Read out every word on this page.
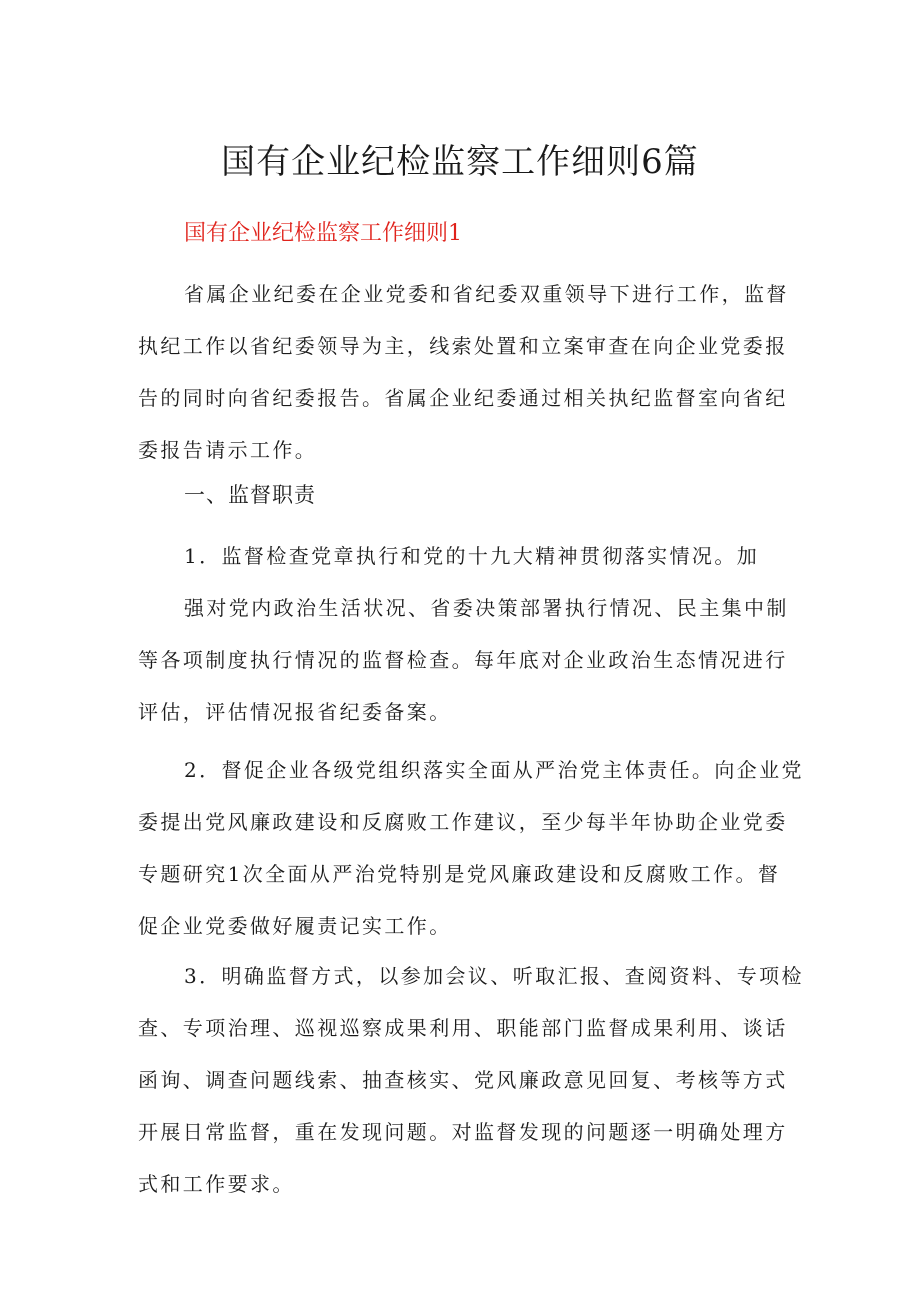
国有企业纪检监察工作细则6篇
国有企业纪检监察工作细则1
省属企业纪委在企业党委和省纪委双重领导下进行工作，监督
执纪工作以省纪委领导为主，线索处置和立案审查在向企业党委报
告的同时向省纪委报告。省属企业纪委通过相关执纪监督室向省纪
委报告请示工作。
一、监督职责
1．监督检查党章执行和党的十九大精神贯彻落实情况。加
强对党内政治生活状况、省委决策部署执行情况、民主集中制
等各项制度执行情况的监督检查。每年底对企业政治生态情况进行
评估，评估情况报省纪委备案。
2．督促企业各级党组织落实全面从严治党主体责任。向企业党
委提出党风廉政建设和反腐败工作建议，至少每半年协助企业党委
专题研究1次全面从严治党特别是党风廉政建设和反腐败工作。督
促企业党委做好履责记实工作。
3．明确监督方式，以参加会议、听取汇报、查阅资料、专项检
查、专项治理、巡视巡察成果利用、职能部门监督成果利用、谈话
函询、调查问题线索、抽查核实、党风廉政意见回复、考核等方式
开展日常监督，重在发现问题。对监督发现的问题逐一明确处理方
式和工作要求。
